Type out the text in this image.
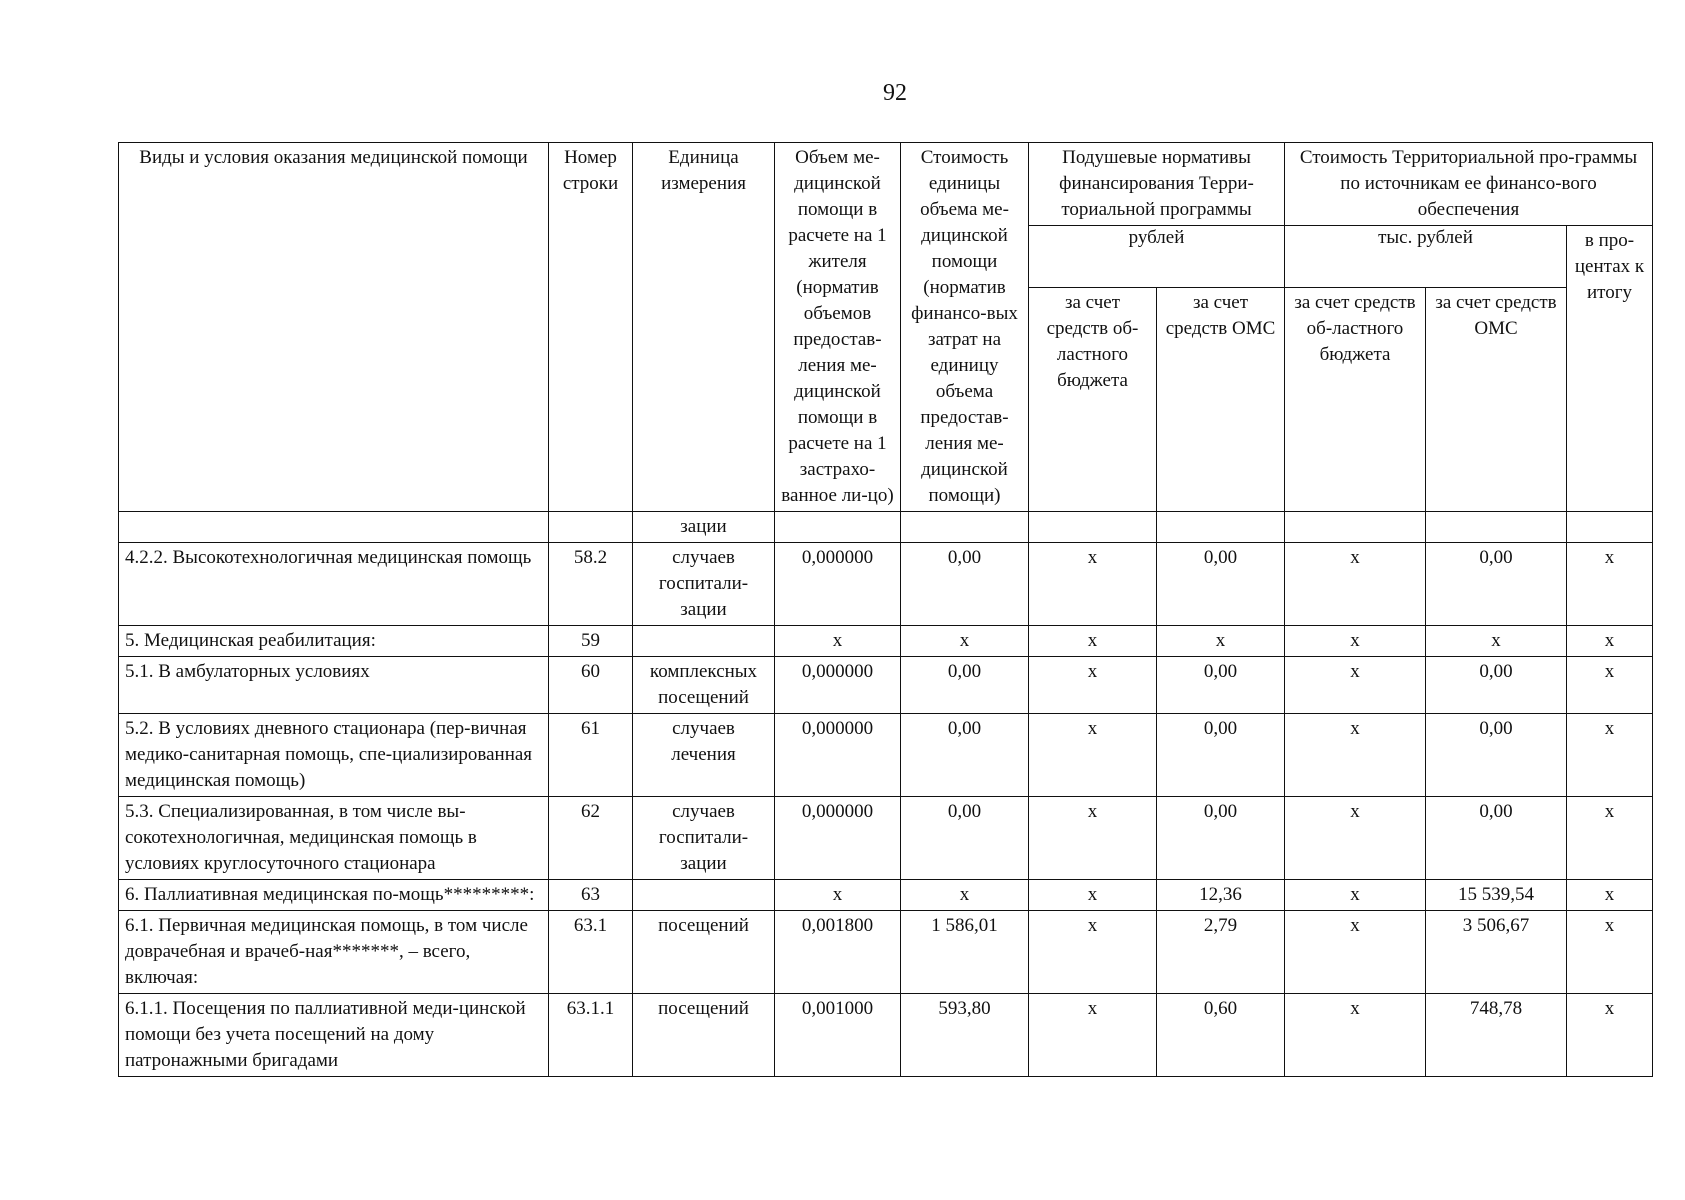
92
Виды и условия оказания медицинской помощи	Номер строки	Единица измерения	Объем ме-дицинской помощи в расчете на 1 жителя (норматив объемов предостав-ления ме-дицинской помощи в расчете на 1 застрахо-ванное ли-цо)	Стоимость единицы объема ме-дицинской помощи (норматив финансо-вых затрат на единицу объема предостав-ления ме-дицинской помощи)	Подушевые нормативы финансирования Терри-ториальной программы		Стоимость Территориальной про-граммы по источникам ее финансо-вого обеспечения		
					рублей		тыс. рублей		в про-центах к итогу
					за счет средств об-ластного бюджета	за счет средств ОМС	за счет средств об-ластного бюджета	за счет средств ОМС	
		зации							
4.2.2. Высокотехнологичная медицинская помощь	58.2	случаев госпитали-зации	0,000000	0,00	х	0,00	х	0,00	х
5. Медицинская реабилитация:	59		х	х	х	х	х	х	х
5.1. В амбулаторных условиях	60	комплексных посещений	0,000000	0,00	х	0,00	х	0,00	х
5.2. В условиях дневного стационара (пер-вичная медико-санитарная помощь, спе-циализированная медицинская помощь)	61	случаев лечения	0,000000	0,00	х	0,00	х	0,00	х
5.3. Специализированная, в том числе вы-сокотехнологичная, медицинская помощь в условиях круглосуточного стационара	62	случаев госпитали-зации	0,000000	0,00	х	0,00	х	0,00	х
6. Паллиативная медицинская по-мощь*********:	63		х	х	х	12,36	х	15 539,54	х
6.1. Первичная медицинская помощь, в том числе доврачебная и врачеб-ная*******, – всего, включая:	63.1	посещений	0,001800	1 586,01	х	2,79	х	3 506,67	х
6.1.1. Посещения по паллиативной меди-цинской помощи без учета посещений на дому патронажными бригадами	63.1.1	посещений	0,001000	593,80	х	0,60	х	748,78	х
